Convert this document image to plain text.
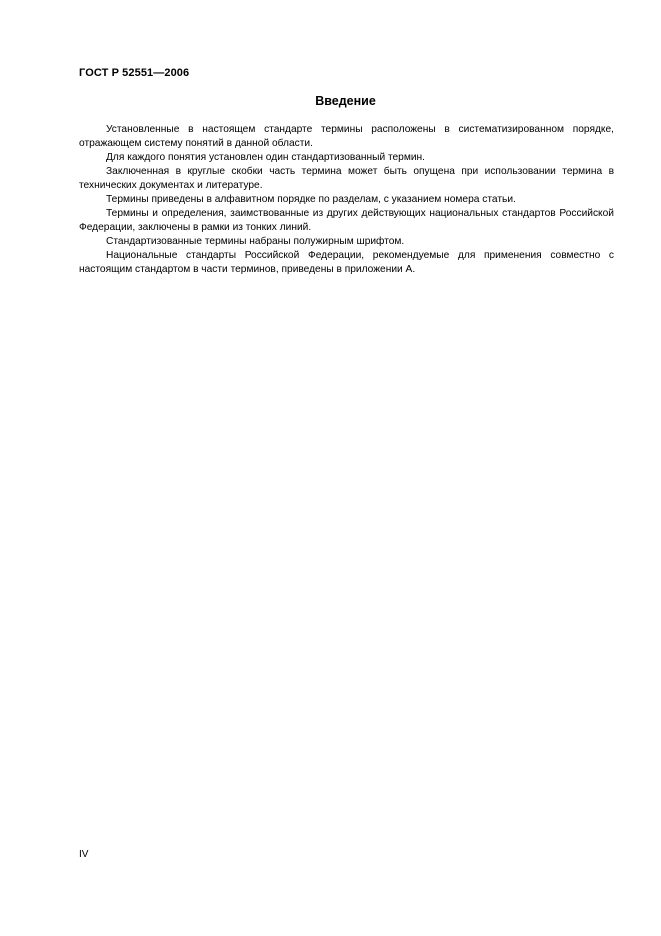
ГОСТ Р 52551—2006
Введение

Установленные в настоящем стандарте термины расположены в систематизированном порядке, отражающем систему понятий в данной области.

Для каждого понятия установлен один стандартизованный термин.

Заключенная в круглые скобки часть термина может быть опущена при использовании термина в технических документах и литературе.

Термины приведены в алфавитном порядке по разделам, с указанием номера статьи.

Термины и определения, заимствованные из других действующих национальных стандартов Российской Федерации, заключены в рамки из тонких линий.

Стандартизованные термины набраны полужирным шрифтом.

Национальные стандарты Российской Федерации, рекомендуемые для применения совместно с настоящим стандартом в части терминов, приведены в приложении А.

IV
